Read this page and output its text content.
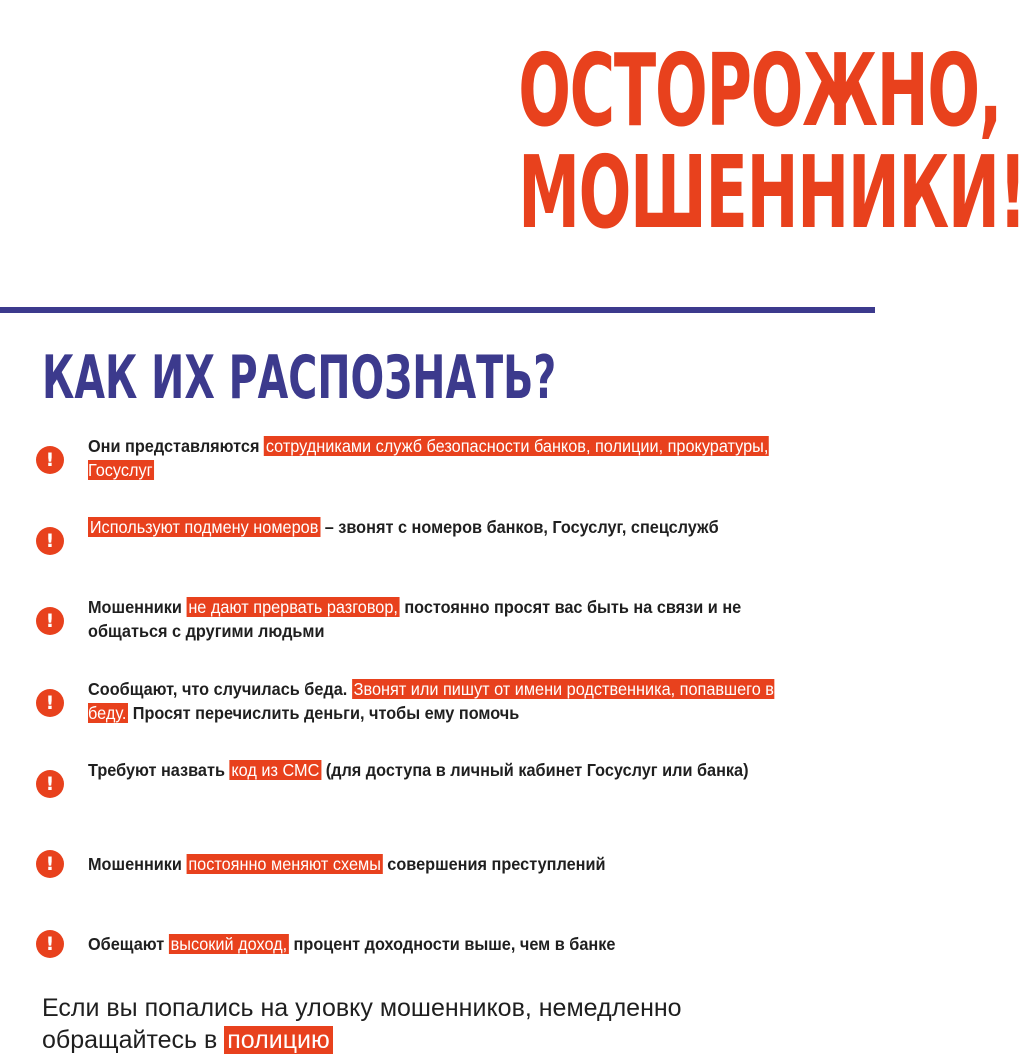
ОСТОРОЖНО,
МОШЕННИКИ!
КАК ИХ РАСПОЗНАТЬ?
!
Они представляются сотрудниками служб безопасности банков, полиции, прокуратуры, Госуслуг
!
Используют подмену номеров – звонят с номеров банков, Госуслуг, спецслужб
!
Мошенники не дают прервать разговор, постоянно просят вас быть на связи и не общаться с другими людьми
!
Сообщают, что случилась беда. Звонят или пишут от имени родственника, попавшего в беду. Просят перечислить деньги, чтобы ему помочь
!
Требуют назвать код из СМС (для доступа в личный кабинет Госуслуг или банка)
!	Мошенники постоянно меняют схемы совершения преступлений
!	Обещают высокий доход, процент доходности выше, чем в банке
Если вы попались на уловку мошенников, немедленно обращайтесь в полицию
